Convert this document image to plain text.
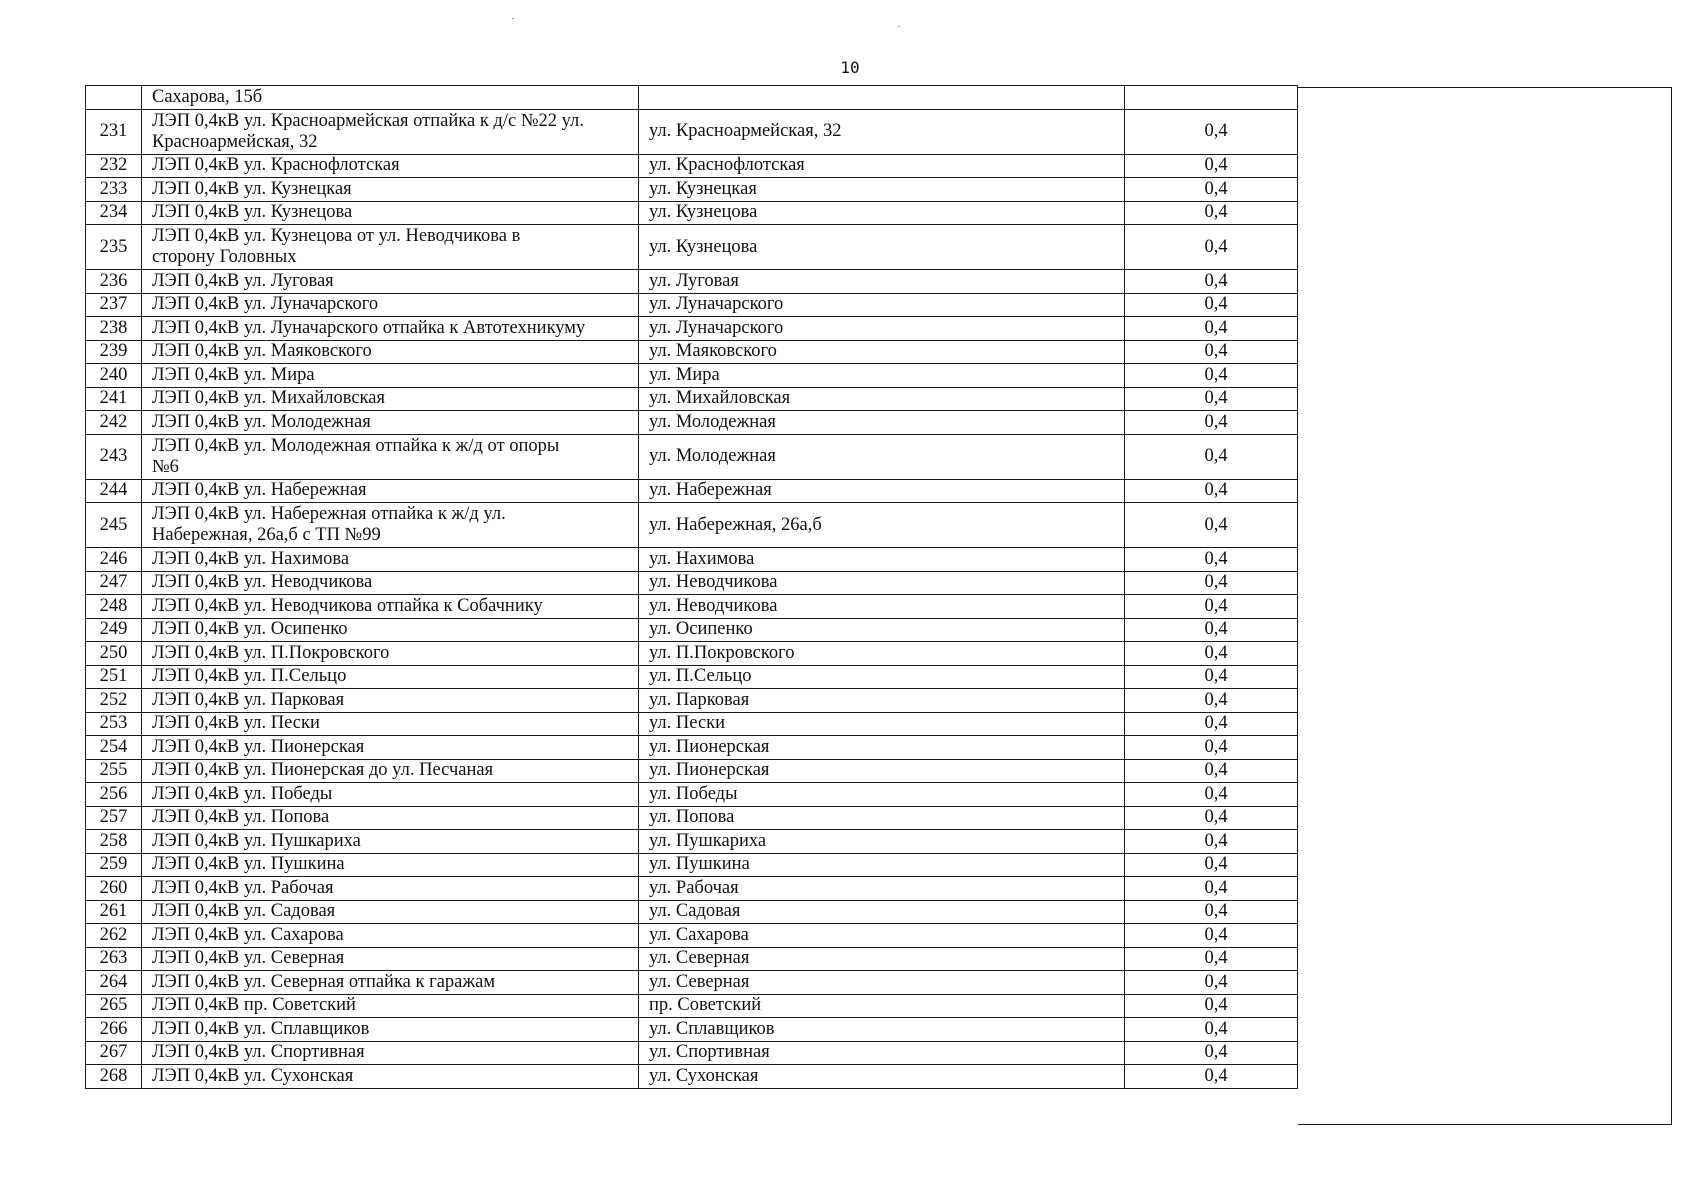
10
	Сахарова, 15б		
231	ЛЭП 0,4кВ ул. Красноармейская отпайка к д/с №22 ул.
Красноармейская, 32	ул. Красноармейская, 32	0,4
232	ЛЭП 0,4кВ ул. Краснофлотская	ул. Краснофлотская	0,4
233	ЛЭП 0,4кВ ул. Кузнецкая	ул. Кузнецкая	0,4
234	ЛЭП 0,4кВ ул. Кузнецова	ул. Кузнецова	0,4
235	ЛЭП 0,4кВ ул. Кузнецова от ул. Неводчикова в
сторону Головных	ул. Кузнецова	0,4
236	ЛЭП 0,4кВ ул. Луговая	ул. Луговая	0,4
237	ЛЭП 0,4кВ ул. Луначарского	ул. Луначарского	0,4
238	ЛЭП 0,4кВ ул. Луначарского отпайка к Автотехникуму	ул. Луначарского	0,4
239	ЛЭП 0,4кВ ул. Маяковского	ул. Маяковского	0,4
240	ЛЭП 0,4кВ ул. Мира	ул. Мира	0,4
241	ЛЭП 0,4кВ ул. Михайловская	ул. Михайловская	0,4
242	ЛЭП 0,4кВ ул. Молодежная	ул. Молодежная	0,4
243	ЛЭП 0,4кВ ул. Молодежная отпайка к ж/д от опоры
№6	ул. Молодежная	0,4
244	ЛЭП 0,4кВ ул. Набережная	ул. Набережная	0,4
245	ЛЭП 0,4кВ ул. Набережная отпайка к ж/д ул.
Набережная, 26а,б с ТП №99	ул. Набережная, 26а,б	0,4
246	ЛЭП 0,4кВ ул. Нахимова	ул. Нахимова	0,4
247	ЛЭП 0,4кВ ул. Неводчикова	ул. Неводчикова	0,4
248	ЛЭП 0,4кВ ул. Неводчикова отпайка к Собачнику	ул. Неводчикова	0,4
249	ЛЭП 0,4кВ ул. Осипенко	ул. Осипенко	0,4
250	ЛЭП 0,4кВ ул. П.Покровского	ул. П.Покровского	0,4
251	ЛЭП 0,4кВ ул. П.Сельцо	ул. П.Сельцо	0,4
252	ЛЭП 0,4кВ ул. Парковая	ул. Парковая	0,4
253	ЛЭП 0,4кВ ул. Пески	ул. Пески	0,4
254	ЛЭП 0,4кВ ул. Пионерская	ул. Пионерская	0,4
255	ЛЭП 0,4кВ ул. Пионерская до ул. Песчаная	ул. Пионерская	0,4
256	ЛЭП 0,4кВ ул. Победы	ул. Победы	0,4
257	ЛЭП 0,4кВ ул. Попова	ул. Попова	0,4
258	ЛЭП 0,4кВ ул. Пушкариха	ул. Пушкариха	0,4
259	ЛЭП 0,4кВ ул. Пушкина	ул. Пушкина	0,4
260	ЛЭП 0,4кВ ул. Рабочая	ул. Рабочая	0,4
261	ЛЭП 0,4кВ ул. Садовая	ул. Садовая	0,4
262	ЛЭП 0,4кВ ул. Сахарова	ул. Сахарова	0,4
263	ЛЭП 0,4кВ ул. Северная	ул. Северная	0,4
264	ЛЭП 0,4кВ ул. Северная отпайка к гаражам	ул. Северная	0,4
265	ЛЭП 0,4кВ пр. Советский	пр. Советский	0,4
266	ЛЭП 0,4кВ ул. Сплавщиков	ул. Сплавщиков	0,4
267	ЛЭП 0,4кВ ул. Спортивная	ул. Спортивная	0,4
268	ЛЭП 0,4кВ ул. Сухонская	ул. Сухонская	0,4
